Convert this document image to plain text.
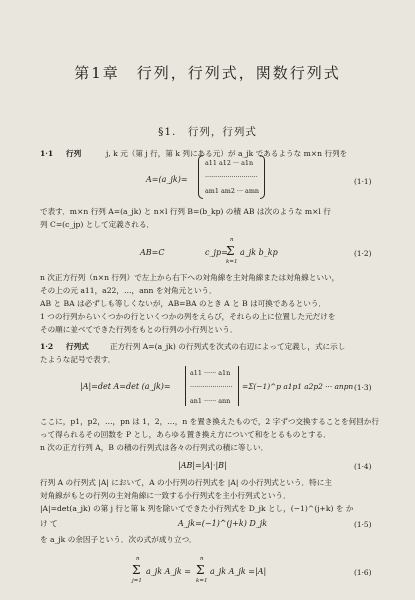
第1章　行列，行列式，関数行列式
§1.　行列，行列式
1·1 行列	j, k 元（第 j 行，第 k 列にある元）が a_jk であるような m×n 行列を
A=(a_jk)=
a11 a12 ··· a1n
··························
am1 am2 ··· amn
(1·1)
で表す．m×n 行列 A=(a_jk) と n×l 行列 B=(b_kp) の積 AB は次のような m×l 行
列 C=(c_jp) として定義される．
AB=C	c_jp=
n
Σ
k=1
a_jk b_kp	(1·2)
n 次正方行列（n×n 行列）で左上から右下への対角線を主対角線または対角線といい，
その上の元 a11，a22，…，ann を対角元という．
AB と BA は必ずしも等しくないが，AB=BA のとき A と B は可換であるという．
1 つの行列からいくつかの行といくつかの列をえらび，それらの上に位置した元だけを
その順に並べてできた行列をもとの行列の小行列という．
1·2 行列式	正方行列 A=(a_jk) の行列式を次式の右辺によって定義し，式に示し
たような記号で表す．
|A|=det A=det (a_jk)=
a11 ······ a1n
·····················
an1 ······ ann
=Σ(−1)^p a1p1 a2p2 ··· anpn (1·3)
ここに，p1，p2，…，pn は 1，2，…，n を置き換えたもので，2 字ずつ交換することを何回か行
って得られるその回数を P とし，あらゆる置き換え方について和をとるものとする．
n 次の正方行列 A，B の積の行列式は各々の行列式の積に等しい．
|AB|=|A|·|B|	(1·4)
行列 A の行列式 |A| において，A の小行列の行列式を |A| の小行列式という．特に主
対角線がもとの行列の主対角線に一致する小行列式を主小行列式という．
|A|=det(a_jk) の第 j 行と第 k 列を除いてできた小行列式を D_jk とし，(−1)^(j+k) を か
け て	A_jk=(−1)^(j+k) D_jk	(1·5)
を a_jk の余因子という．次の式が成り立つ．
n
Σ
j=1
a_jk A_jk =
n
Σ
k=1
a_jk A_jk =|A|	(1·6)
